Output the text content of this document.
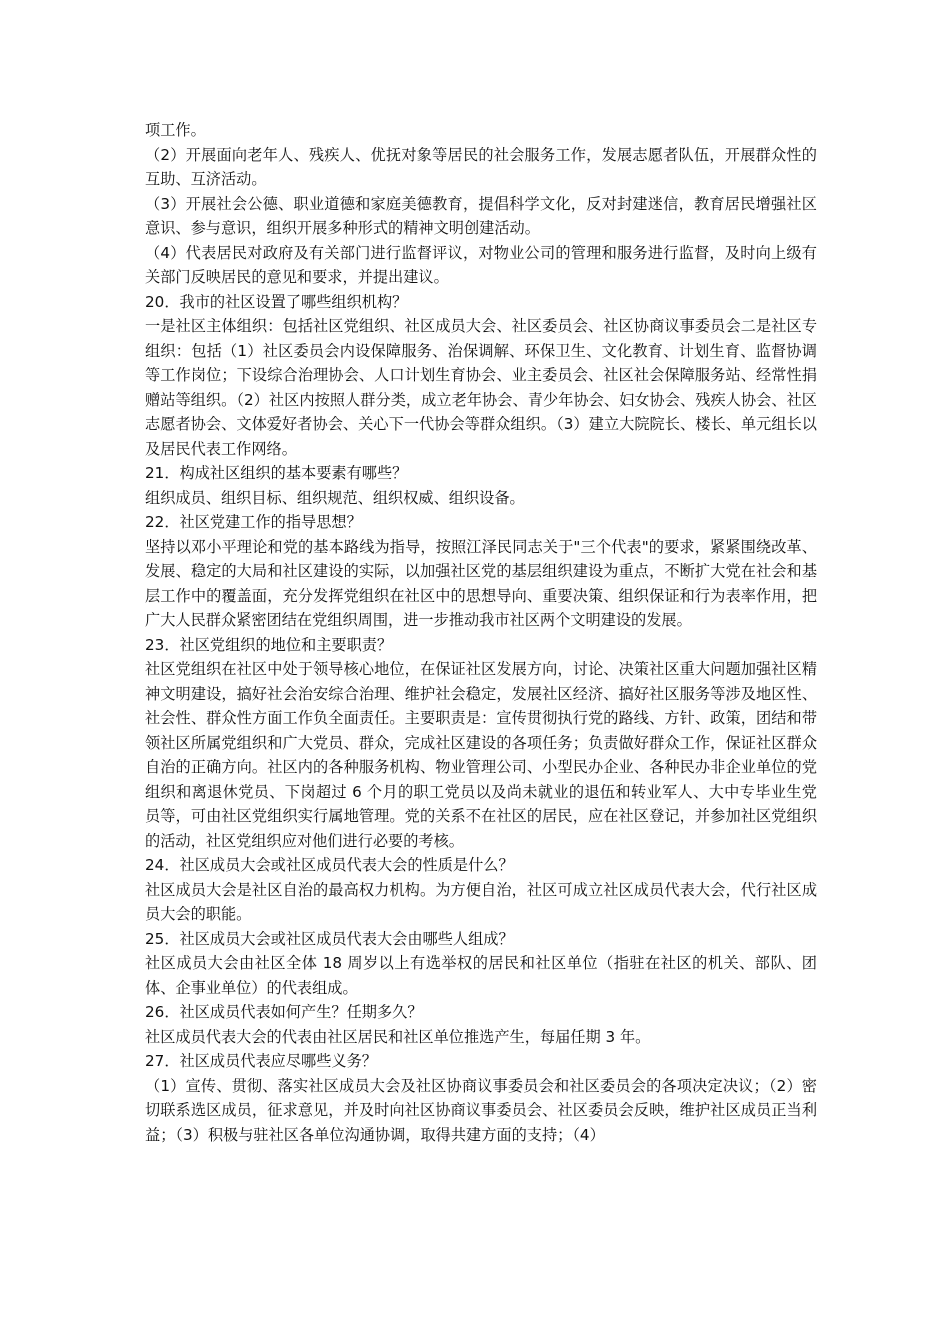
项工作。

（2）开展面向老年人、残疾人、优抚对象等居民的社会服务工作，发展志愿者队伍，开展群众性的互助、互济活动。

（3）开展社会公德、职业道德和家庭美德教育，提倡科学文化，反对封建迷信，教育居民增强社区意识、参与意识，组织开展多种形式的精神文明创建活动。

（4）代表居民对政府及有关部门进行监督评议，对物业公司的管理和服务进行监督，及时向上级有关部门反映居民的意见和要求，并提出建议。

20．我市的社区设置了哪些组织机构？

一是社区主体组织：包括社区党组织、社区成员大会、社区委员会、社区协商议事委员会二是社区专组织：包括（1）社区委员会内设保障服务、治保调解、环保卫生、文化教育、计划生育、监督协调等工作岗位；下设综合治理协会、人口计划生育协会、业主委员会、社区社会保障服务站、经常性捐赠站等组织。（2）社区内按照人群分类，成立老年协会、青少年协会、妇女协会、残疾人协会、社区志愿者协会、文体爱好者协会、关心下一代协会等群众组织。（3）建立大院院长、楼长、单元组长以及居民代表工作网络。

21．构成社区组织的基本要素有哪些？

组织成员、组织目标、组织规范、组织权威、组织设备。

22．社区党建工作的指导思想？

坚持以邓小平理论和党的基本路线为指导，按照江泽民同志关于"三个代表"的要求，紧紧围绕改革、发展、稳定的大局和社区建设的实际，以加强社区党的基层组织建设为重点，不断扩大党在社会和基层工作中的覆盖面，充分发挥党组织在社区中的思想导向、重要决策、组织保证和行为表率作用，把广大人民群众紧密团结在党组织周围，进一步推动我市社区两个文明建设的发展。

23．社区党组织的地位和主要职责？

社区党组织在社区中处于领导核心地位，在保证社区发展方向，讨论、决策社区重大问题加强社区精神文明建设，搞好社会治安综合治理、维护社会稳定，发展社区经济、搞好社区服务等涉及地区性、社会性、群众性方面工作负全面责任。主要职责是：宣传贯彻执行党的路线、方针、政策，团结和带领社区所属党组织和广大党员、群众，完成社区建设的各项任务；负责做好群众工作，保证社区群众自治的正确方向。社区内的各种服务机构、物业管理公司、小型民办企业、各种民办非企业单位的党组织和离退休党员、下岗超过 6 个月的职工党员以及尚未就业的退伍和转业军人、大中专毕业生党员等，可由社区党组织实行属地管理。党的关系不在社区的居民，应在社区登记，并参加社区党组织的活动，社区党组织应对他们进行必要的考核。

24．社区成员大会或社区成员代表大会的性质是什么？

社区成员大会是社区自治的最高权力机构。为方便自治，社区可成立社区成员代表大会，代行社区成员大会的职能。

25．社区成员大会或社区成员代表大会由哪些人组成？

社区成员大会由社区全体 18 周岁以上有选举权的居民和社区单位（指驻在社区的机关、部队、团体、企事业单位）的代表组成。

26．社区成员代表如何产生？任期多久？

社区成员代表大会的代表由社区居民和社区单位推选产生，每届任期 3 年。

27．社区成员代表应尽哪些义务？

（1）宣传、贯彻、落实社区成员大会及社区协商议事委员会和社区委员会的各项决定决议；（2）密切联系选区成员，征求意见，并及时向社区协商议事委员会、社区委员会反映，维护社区成员正当利益；（3）积极与驻社区各单位沟通协调，取得共建方面的支持；（4）
